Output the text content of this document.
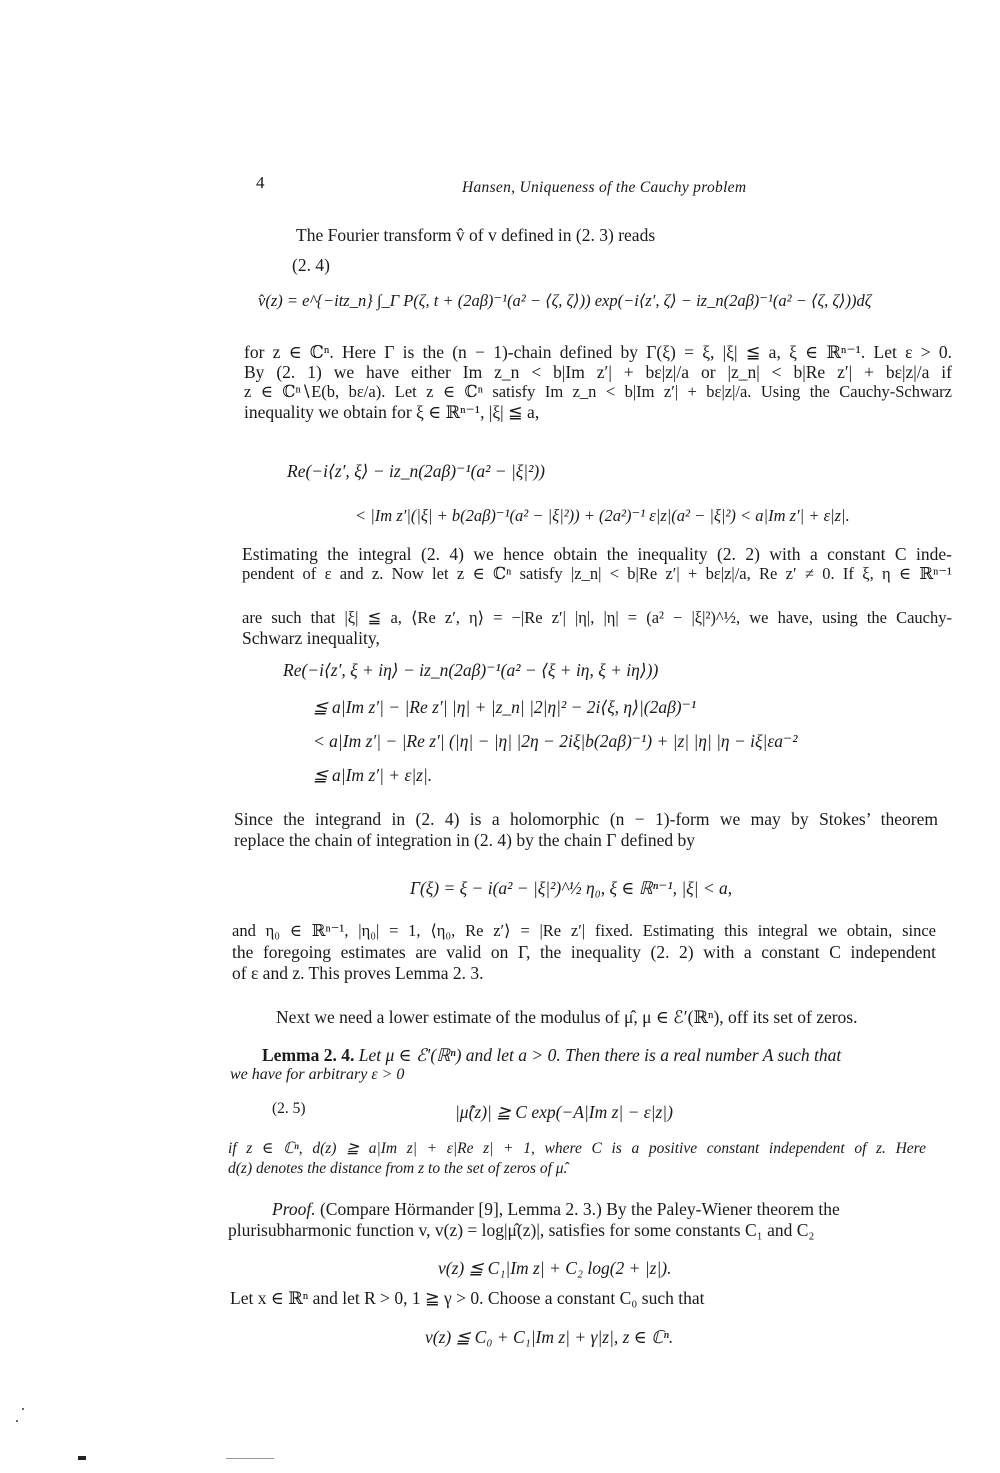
4	Hansen, Uniqueness of the Cauchy problem
The Fourier transform v̂ of v defined in (2. 3) reads
(2. 4)
v̂(z) = e^{−itz_n} ∫_Γ P(ζ, t + (2aβ)⁻¹(a² − ⟨ζ, ζ⟩)) exp(−i⟨z′, ζ⟩ − iz_n(2aβ)⁻¹(a² − ⟨ζ, ζ⟩))dζ
for z ∈ ℂⁿ. Here Γ is the (n − 1)-chain defined by Γ(ξ) = ξ, |ξ| ≦ a, ξ ∈ ℝⁿ⁻¹. Let ε > 0.
By (2. 1) we have either Im z_n < b|Im z′| + bε|z|/a or |z_n| < b|Re z′| + bε|z|/a if
z ∈ ℂⁿ∖E(b, bε/a). Let z ∈ ℂⁿ satisfy Im z_n < b|Im z′| + bε|z|/a. Using the Cauchy-Schwarz
inequality we obtain for ξ ∈ ℝⁿ⁻¹, |ξ| ≦ a,
Re(−i⟨z′, ξ⟩ − iz_n(2aβ)⁻¹(a² − |ξ|²))
< |Im z′|(|ξ| + b(2aβ)⁻¹(a² − |ξ|²)) + (2a²)⁻¹ ε|z|(a² − |ξ|²) < a|Im z′| + ε|z|.
Estimating the integral (2. 4) we hence obtain the inequality (2. 2) with a constant C inde-
pendent of ε and z. Now let z ∈ ℂⁿ satisfy |z_n| < b|Re z′| + bε|z|/a, Re z′ ≠ 0. If ξ, η ∈ ℝⁿ⁻¹
are such that |ξ| ≦ a, ⟨Re z′, η⟩ = −|Re z′| |η|, |η| = (a² − |ξ|²)^½, we have, using the Cauchy-
Schwarz inequality,
Re(−i⟨z′, ξ + iη⟩ − iz_n(2aβ)⁻¹(a² − ⟨ξ + iη, ξ + iη⟩))
≦ a|Im z′| − |Re z′| |η| + |z_n| |2|η|² − 2i⟨ξ, η⟩|(2aβ)⁻¹
< a|Im z′| − |Re z′| (|η| − |η| |2η − 2iξ|b(2aβ)⁻¹) + |z| |η| |η − iξ|εa⁻²
≦ a|Im z′| + ε|z|.
Since the integrand in (2. 4) is a holomorphic (n − 1)-form we may by Stokes’ theorem
replace the chain of integration in (2. 4) by the chain Γ defined by
Γ(ξ) = ξ − i(a² − |ξ|²)^½ η₀, ξ ∈ ℝⁿ⁻¹, |ξ| < a,
and η₀ ∈ ℝⁿ⁻¹, |η₀| = 1, ⟨η₀, Re z′⟩ = |Re z′| fixed. Estimating this integral we obtain, since
the foregoing estimates are valid on Γ, the inequality (2. 2) with a constant C independent
of ε and z. This proves Lemma 2. 3.
Next we need a lower estimate of the modulus of μ̂, μ ∈ ℰ′(ℝⁿ), off its set of zeros.
Lemma 2. 4. Let μ ∈ ℰ′(ℝⁿ) and let a > 0. Then there is a real number A such that
we have for arbitrary ε > 0
(2. 5)	|μ̂(z)| ≧ C exp(−A|Im z| − ε|z|)
if z ∈ ℂⁿ, d(z) ≧ a|Im z| + ε|Re z| + 1, where C is a positive constant independent of z. Here
d(z) denotes the distance from z to the set of zeros of μ̂.
Proof. (Compare Hörmander [9], Lemma 2. 3.) By the Paley-Wiener theorem the
plurisubharmonic function v, v(z) = log|μ̂(z)|, satisfies for some constants C₁ and C₂
v(z) ≦ C₁|Im z| + C₂ log(2 + |z|).
Let x ∈ ℝⁿ and let R > 0, 1 ≧ γ > 0. Choose a constant C₀ such that
v(z) ≦ C₀ + C₁|Im z| + γ|z|, z ∈ ℂⁿ.
